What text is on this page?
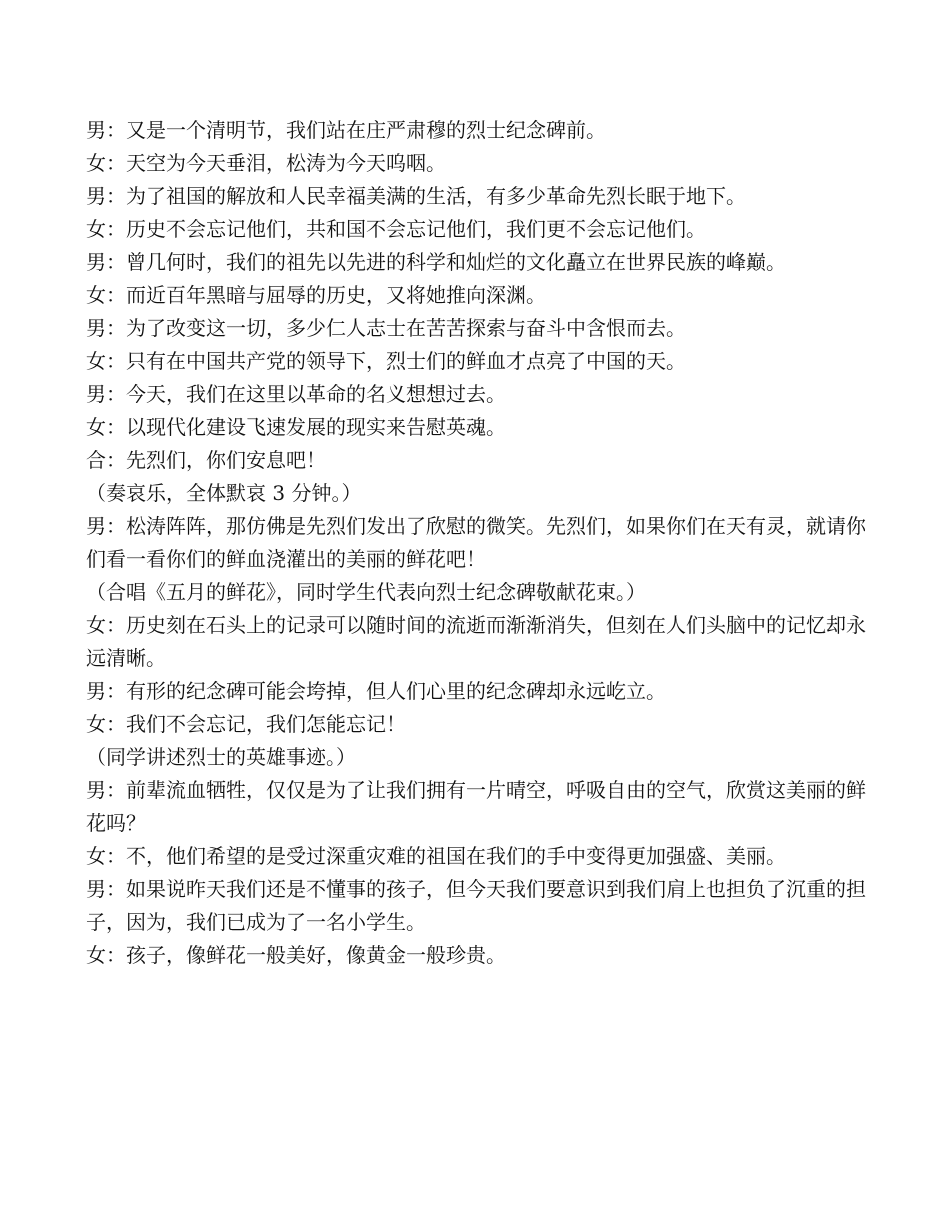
男：又是一个清明节，我们站在庄严肃穆的烈士纪念碑前。

女：天空为今天垂泪，松涛为今天呜咽。

男：为了祖国的解放和人民幸福美满的生活，有多少革命先烈长眠于地下。

女：历史不会忘记他们，共和国不会忘记他们，我们更不会忘记他们。

男：曾几何时，我们的祖先以先进的科学和灿烂的文化矗立在世界民族的峰巅。

女：而近百年黑暗与屈辱的历史，又将她推向深渊。

男：为了改变这一切，多少仁人志士在苦苦探索与奋斗中含恨而去。

女：只有在中国共产党的领导下，烈士们的鲜血才点亮了中国的天。

男：今天，我们在这里以革命的名义想想过去。

女：以现代化建设飞速发展的现实来告慰英魂。

合：先烈们，你们安息吧！

（奏哀乐，全体默哀 3 分钟。）

男：松涛阵阵，那仿佛是先烈们发出了欣慰的微笑。先烈们，如果你们在天有灵，就请你们看一看你们的鲜血浇灌出的美丽的鲜花吧！

（合唱《五月的鲜花》，同时学生代表向烈士纪念碑敬献花束。）

女：历史刻在石头上的记录可以随时间的流逝而渐渐消失，但刻在人们头脑中的记忆却永远清晰。

男：有形的纪念碑可能会垮掉，但人们心里的纪念碑却永远屹立。

女：我们不会忘记，我们怎能忘记！

（同学讲述烈士的英雄事迹。）

男：前辈流血牺牲，仅仅是为了让我们拥有一片晴空，呼吸自由的空气，欣赏这美丽的鲜花吗？

女：不，他们希望的是受过深重灾难的祖国在我们的手中变得更加强盛、美丽。

男：如果说昨天我们还是不懂事的孩子，但今天我们要意识到我们肩上也担负了沉重的担子，因为，我们已成为了一名小学生。

女：孩子，像鲜花一般美好，像黄金一般珍贵。
